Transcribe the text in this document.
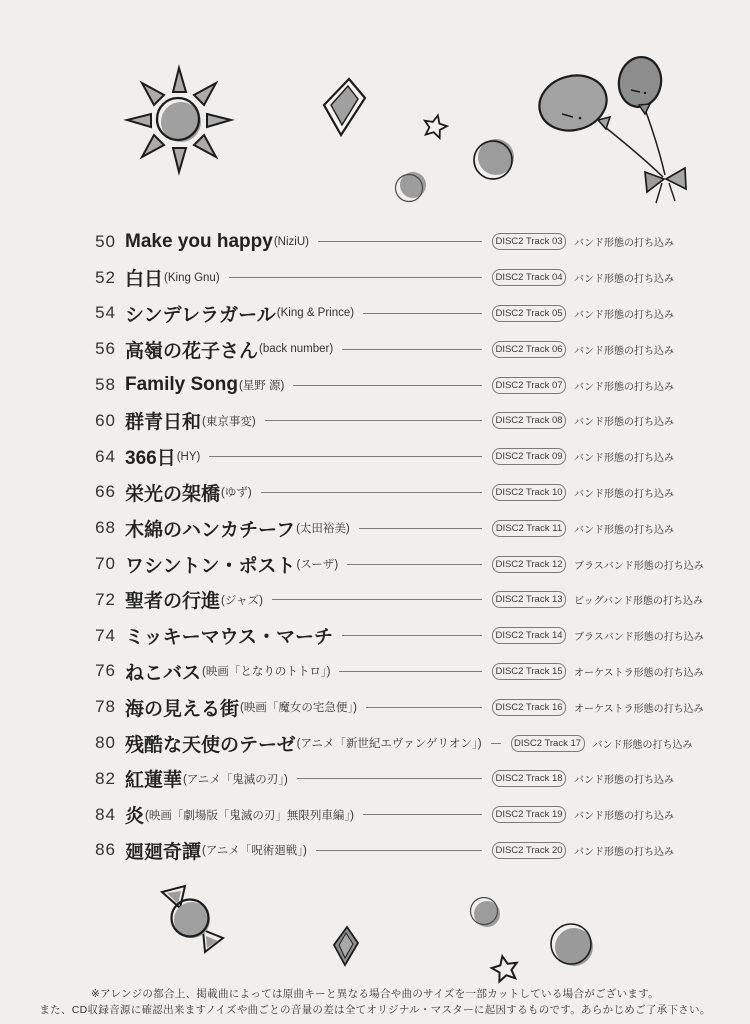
50 Make you happy ( NiziU )	DISC2 Track 03	バンド形態の打ち込み
52 白日 ( King Gnu )	DISC2 Track 04	バンド形態の打ち込み
54 シンデレラガール ( King & Prince )	DISC2 Track 05	バンド形態の打ち込み
56 高嶺の花子さん ( back number )	DISC2 Track 06	バンド形態の打ち込み
58 Family Song ( 星野 源 )	DISC2 Track 07	バンド形態の打ち込み
60 群青日和 ( 東京事変 )	DISC2 Track 08	バンド形態の打ち込み
64 366日 ( HY )	DISC2 Track 09	バンド形態の打ち込み
66 栄光の架橋 ( ゆず )	DISC2 Track 10	バンド形態の打ち込み
68 木綿のハンカチーフ ( 太田裕美 )	DISC2 Track 11	バンド形態の打ち込み
70 ワシントン・ポスト ( スーザ )	DISC2 Track 12	ブラスバンド形態の打ち込み
72 聖者の行進 ( ジャズ )	DISC2 Track 13	ビッグバンド形態の打ち込み
74 ミッキーマウス・マーチ	DISC2 Track 14	ブラスバンド形態の打ち込み
76 ねこバス ( 映画「となりのトトロ」 )	DISC2 Track 15	オーケストラ形態の打ち込み
78 海の見える街 ( 映画「魔女の宅急便」 )	DISC2 Track 16	オーケストラ形態の打ち込み
80 残酷な天使のテーゼ ( アニメ「新世紀エヴァンゲリオン」 )	DISC2 Track 17	バンド形態の打ち込み
82 紅蓮華 ( アニメ「鬼滅の刃」 )	DISC2 Track 18	バンド形態の打ち込み
84 炎 ( 映画「劇場版「鬼滅の刃」無限列車編」 )	DISC2 Track 19	バンド形態の打ち込み
86 廻廻奇譚 ( アニメ「呪術廻戦」 )	DISC2 Track 20	バンド形態の打ち込み
※アレンジの都合上、掲載曲によっては原曲キーと異なる場合や曲のサイズを一部カットしている場合がございます。
また、CD収録音源に確認出来ますノイズや曲ごとの音量の差は全てオリジナル・マスターに起因するものです。あらかじめご了承下さい。
